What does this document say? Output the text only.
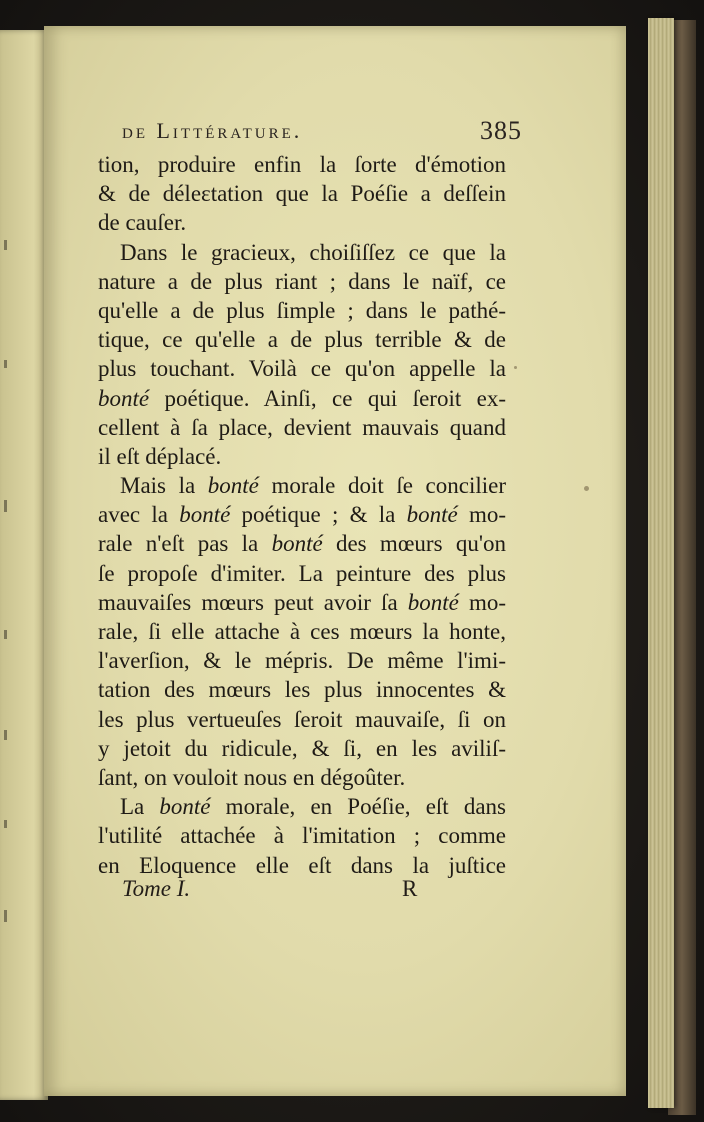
de Littérature.	385
tion, produire enfin la ſorte d'émotion
& de déleɛtation que la Poéſie a deſſein
de cauſer.
Dans le gracieux, choiſiſſez ce que la
nature a de plus riant ; dans le naïf, ce
qu'elle a de plus ſimple ; dans le pathé-
tique, ce qu'elle a de plus terrible & de
plus touchant. Voilà ce qu'on appelle la
bonté poétique. Ainſi, ce qui ſeroit ex-
cellent à ſa place, devient mauvais quand
il eſt déplacé.
Mais la bonté morale doit ſe concilier
avec la bonté poétique ; & la bonté mo-
rale n'eſt pas la bonté des mœurs qu'on
ſe propoſe d'imiter. La peinture des plus
mauvaiſes mœurs peut avoir ſa bonté mo-
rale, ſi elle attache à ces mœurs la honte,
l'averſion, & le mépris. De même l'imi-
tation des mœurs les plus innocentes &
les plus vertueuſes ſeroit mauvaiſe, ſi on
y jetoit du ridicule, & ſi, en les aviliſ-
ſant, on vouloit nous en dégoûter.
La bonté morale, en Poéſie, eſt dans
l'utilité attachée à l'imitation ; comme
en Eloquence elle eſt dans la juſtice
Tome I.	R
